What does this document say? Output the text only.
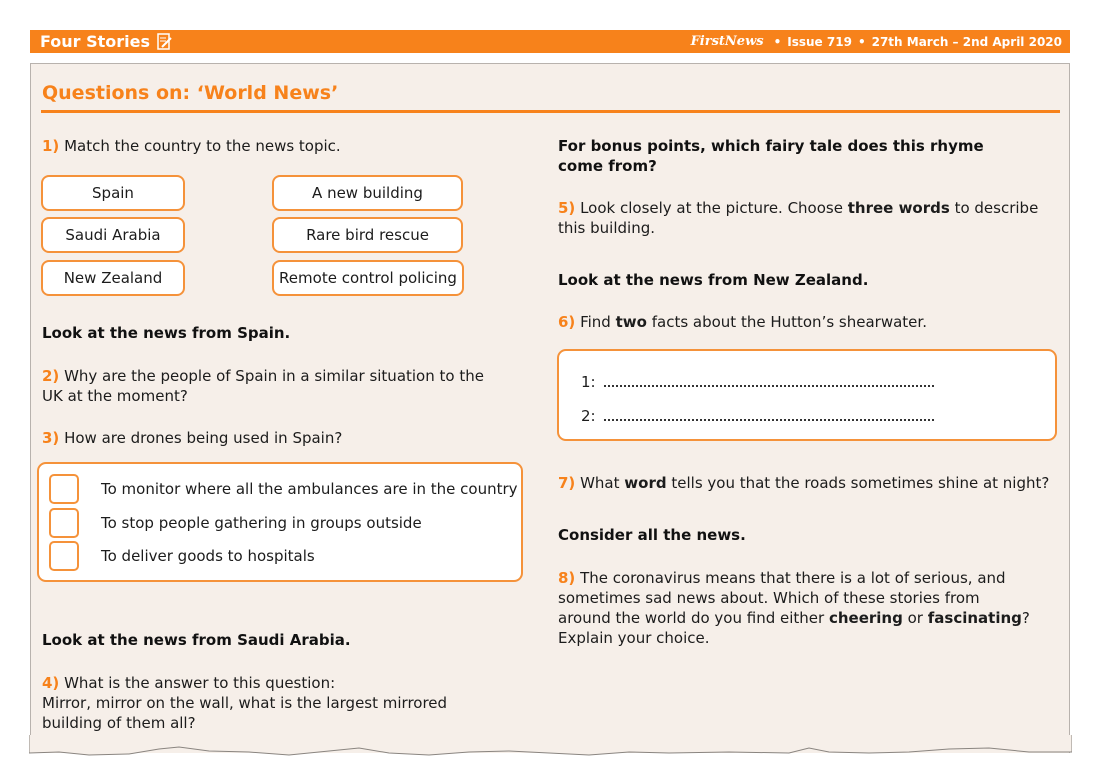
Four Stories	FirstNews • Issue 719 • 27th March – 2nd April 2020
Questions on: ‘World News’
1) Match the country to the news topic.
Spain
Saudi Arabia
New Zealand
A new building
Rare bird rescue
Remote control policing
Look at the news from Spain.
2) Why are the people of Spain in a similar situation to the
UK at the moment?
3) How are drones being used in Spain?
To monitor where all the ambulances are in the country
To stop people gathering in groups outside
To deliver goods to hospitals
Look at the news from Saudi Arabia.
4) What is the answer to this question:
Mirror, mirror on the wall, what is the largest mirrored
building of them all?
For bonus points, which fairy tale does this rhyme
come from?
5) Look closely at the picture. Choose three words to describe
this building.
Look at the news from New Zealand.
6) Find two facts about the Hutton’s shearwater.
1:
2:
7) What word tells you that the roads sometimes shine at night?
Consider all the news.
8) The coronavirus means that there is a lot of serious, and
sometimes sad news about. Which of these stories from
around the world do you find either cheering or fascinating?
Explain your choice.
